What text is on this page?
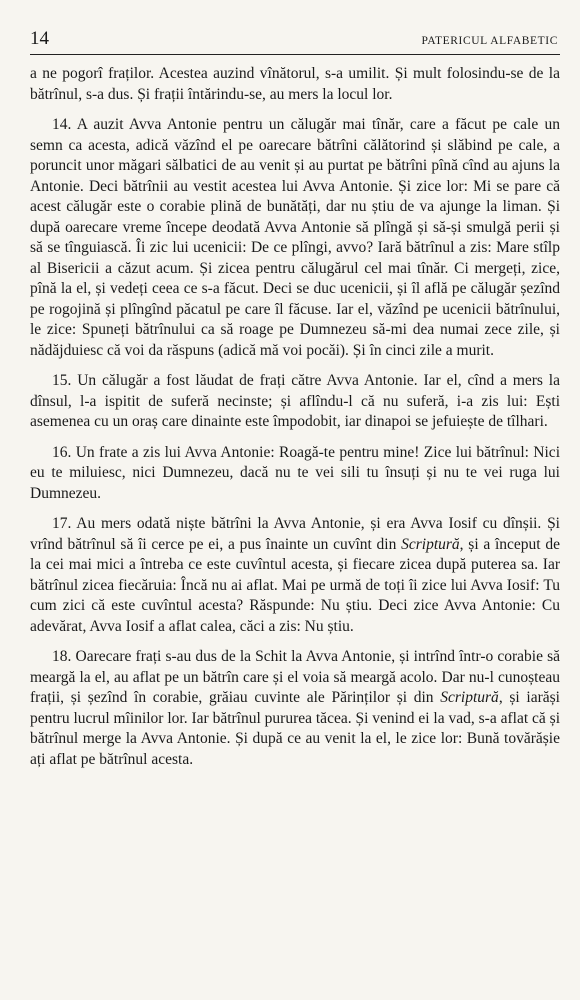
14	PATERICUL ALFABETIC

a ne pogorî fraților. Acestea auzind vînătorul, s-a umilit. Și mult folosindu-se de la bătrînul, s-a dus. Și frații întărindu-se, au mers la locul lor.

14. A auzit Avva Antonie pentru un călugăr mai tînăr, care a făcut pe cale un semn ca acesta, adică văzînd el pe oarecare bătrîni călătorind și slăbind pe cale, a poruncit unor măgari sălbatici de au venit și au purtat pe bătrîni pînă cînd au ajuns la Antonie. Deci bătrînii au vestit acestea lui Avva Antonie. Și zice lor: Mi se pare că acest călugăr este o corabie plină de bunătăți, dar nu știu de va ajunge la liman. Și după oarecare vreme începe deodată Avva Antonie să plîngă și să-și smulgă perii și să se tînguiască. Îi zic lui ucenicii: De ce plîngi, avvo? Iară bătrînul a zis: Mare stîlp al Bisericii a căzut acum. Și zicea pentru călugărul cel mai tînăr. Ci mergeți, zice, pînă la el, și vedeți ceea ce s-a făcut. Deci se duc ucenicii, și îl află pe călugăr șezînd pe rogojină și plîngînd păcatul pe care îl făcuse. Iar el, văzînd pe ucenicii bătrînului, le zice: Spuneți bătrînului ca să roage pe Dumnezeu să-mi dea numai zece zile, și nădăjduiesc că voi da răspuns (adică mă voi pocăi). Și în cinci zile a murit.

15. Un călugăr a fost lăudat de frați către Avva Antonie. Iar el, cînd a mers la dînsul, l-a ispitit de suferă necinste; și aflîndu-l că nu suferă, i-a zis lui: Ești asemenea cu un oraș care dinainte este împodobit, iar dinapoi se jefuiește de tîlhari.

16. Un frate a zis lui Avva Antonie: Roagă-te pentru mine! Zice lui bătrînul: Nici eu te miluiesc, nici Dumnezeu, dacă nu te vei sili tu însuți și nu te vei ruga lui Dumnezeu.

17. Au mers odată niște bătrîni la Avva Antonie, și era Avva Iosif cu dînșii. Și vrînd bătrînul să îi cerce pe ei, a pus înainte un cuvînt din Scriptură, și a început de la cei mai mici a întreba ce este cuvîntul acesta, și fiecare zicea după puterea sa. Iar bătrînul zicea fiecăruia: Încă nu ai aflat. Mai pe urmă de toți îi zice lui Avva Iosif: Tu cum zici că este cuvîntul acesta? Răspunde: Nu știu. Deci zice Avva Antonie: Cu adevărat, Avva Iosif a aflat calea, căci a zis: Nu știu.

18. Oarecare frați s-au dus de la Schit la Avva Antonie, și intrînd într-o corabie să meargă la el, au aflat pe un bătrîn care și el voia să meargă acolo. Dar nu-l cunoșteau frații, și șezînd în corabie, grăiau cuvinte ale Părinților și din Scriptură, și iarăși pentru lucrul mîinilor lor. Iar bătrînul pururea tăcea. Și venind ei la vad, s-a aflat că și bătrînul merge la Avva Antonie. Și după ce au venit la el, le zice lor: Bună tovărășie ați aflat pe bătrînul acesta.
